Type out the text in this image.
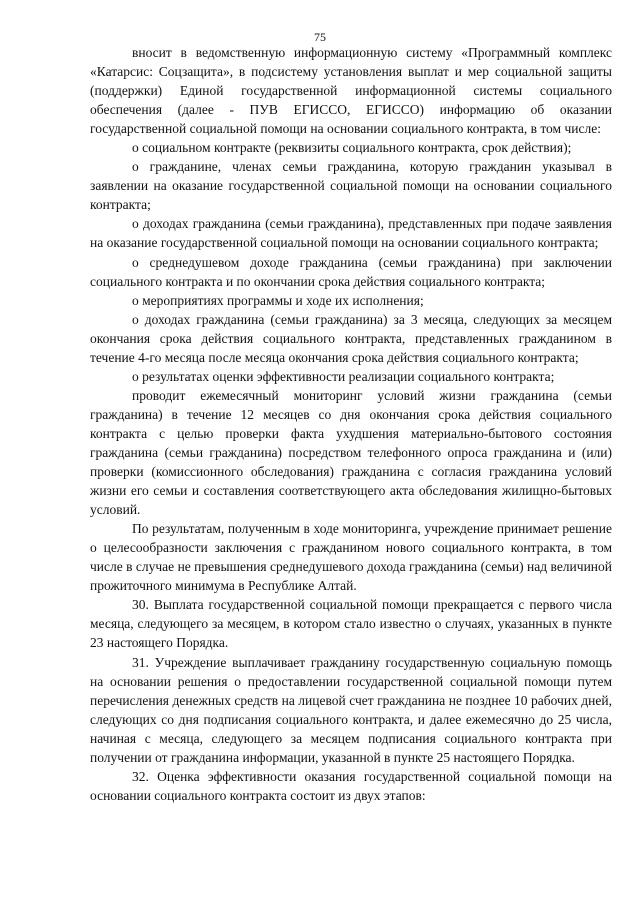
75

вносит в ведомственную информационную систему «Программный комплекс «Катарсис: Соцзащита», в подсистему установления выплат и мер социальной защиты (поддержки) Единой государственной информационной системы социального обеспечения (далее - ПУВ ЕГИССО, ЕГИССО) информацию об оказании государственной социальной помощи на основании социального контракта, в том числе:

о социальном контракте (реквизиты социального контракта, срок действия);

о гражданине, членах семьи гражданина, которую гражданин указывал в заявлении на оказание государственной социальной помощи на основании социального контракта;

о доходах гражданина (семьи гражданина), представленных при подаче заявления на оказание государственной социальной помощи на основании социального контракта;

о среднедушевом доходе гражданина (семьи гражданина) при заключении социального контракта и по окончании срока действия социального контракта;

о мероприятиях программы и ходе их исполнения;

о доходах гражданина (семьи гражданина) за 3 месяца, следующих за месяцем окончания срока действия социального контракта, представленных гражданином в течение 4-го месяца после месяца окончания срока действия социального контракта;

о результатах оценки эффективности реализации социального контракта;

проводит ежемесячный мониторинг условий жизни гражданина (семьи гражданина) в течение 12 месяцев со дня окончания срока действия социального контракта с целью проверки факта ухудшения материально-бытового состояния гражданина (семьи гражданина) посредством телефонного опроса гражданина и (или) проверки (комиссионного обследования) гражданина с согласия гражданина условий жизни его семьи и составления соответствующего акта обследования жилищно-бытовых условий.

По результатам, полученным в ходе мониторинга, учреждение принимает решение о целесообразности заключения с гражданином нового социального контракта, в том числе в случае не превышения среднедушевого дохода гражданина (семьи) над величиной прожиточного минимума в Республике Алтай.

30. Выплата государственной социальной помощи прекращается с первого числа месяца, следующего за месяцем, в котором стало известно о случаях, указанных в пункте 23 настоящего Порядка.

31. Учреждение выплачивает гражданину государственную социальную помощь на основании решения о предоставлении государственной социальной помощи путем перечисления денежных средств на лицевой счет гражданина не позднее 10 рабочих дней, следующих со дня подписания социального контракта, и далее ежемесячно до 25 числа, начиная с месяца, следующего за месяцем подписания социального контракта при получении от гражданина информации, указанной в пункте 25 настоящего Порядка.

32. Оценка эффективности оказания государственной социальной помощи на основании социального контракта состоит из двух этапов:
